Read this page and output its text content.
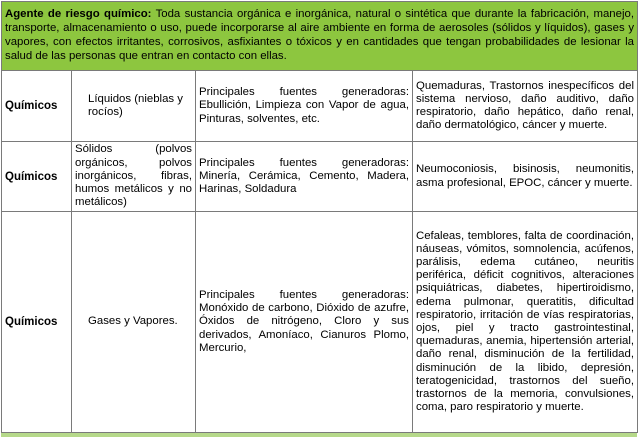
Agente de riesgo químico: Toda sustancia orgánica e inorgánica, natural o sintética que durante la fabricación, manejo, transporte, almacenamiento o uso, puede incorporarse al aire ambiente en forma de aerosoles (sólidos y líquidos), gases y vapores, con efectos irritantes, corrosivos, asfixiantes o tóxicos y en cantidades que tengan probabilidades de lesionar la salud de las personas que entran en contacto con ellas.			
Químicos	Líquidos (nieblas y rocíos)	Principales fuentes generadoras: Ebullición, Limpieza con Vapor de agua, Pinturas, solventes, etc.	Quemaduras, Trastornos inespecíficos del sistema nervioso, daño auditivo, daño respiratorio, daño hepático, daño renal, daño dermatológico, cáncer y muerte.
Químicos	Sólidos (polvos orgánicos, polvos inorgánicos, fibras, humos metálicos y no metálicos)	Principales fuentes generadoras: Minería, Cerámica, Cemento, Madera, Harinas, Soldadura	Neumoconiosis, bisinosis, neumonitis, asma profesional, EPOC, cáncer y muerte.
Químicos	Gases y Vapores.	Principales fuentes generadoras: Monóxido de carbono, Dióxido de azufre, Óxidos de nitrógeno, Cloro y sus derivados, Amoníaco, Cianuros Plomo, Mercurio,	Cefaleas, temblores, falta de coordinación, náuseas, vómitos, somnolencia, acúfenos, parálisis, edema cutáneo, neuritis periférica, déficit cognitivos, alteraciones psiquiátricas, diabetes, hipertiroidismo, edema pulmonar, queratitis, dificultad respiratorio, irritación de vías respiratorias, ojos, piel y tracto gastrointestinal, quemaduras, anemia, hipertensión arterial, daño renal, disminución de la fertilidad, disminución de la libido, depresión, teratogenicidad, trastornos del sueño, trastornos de la memoria, convulsiones, coma, paro respiratorio y muerte.
